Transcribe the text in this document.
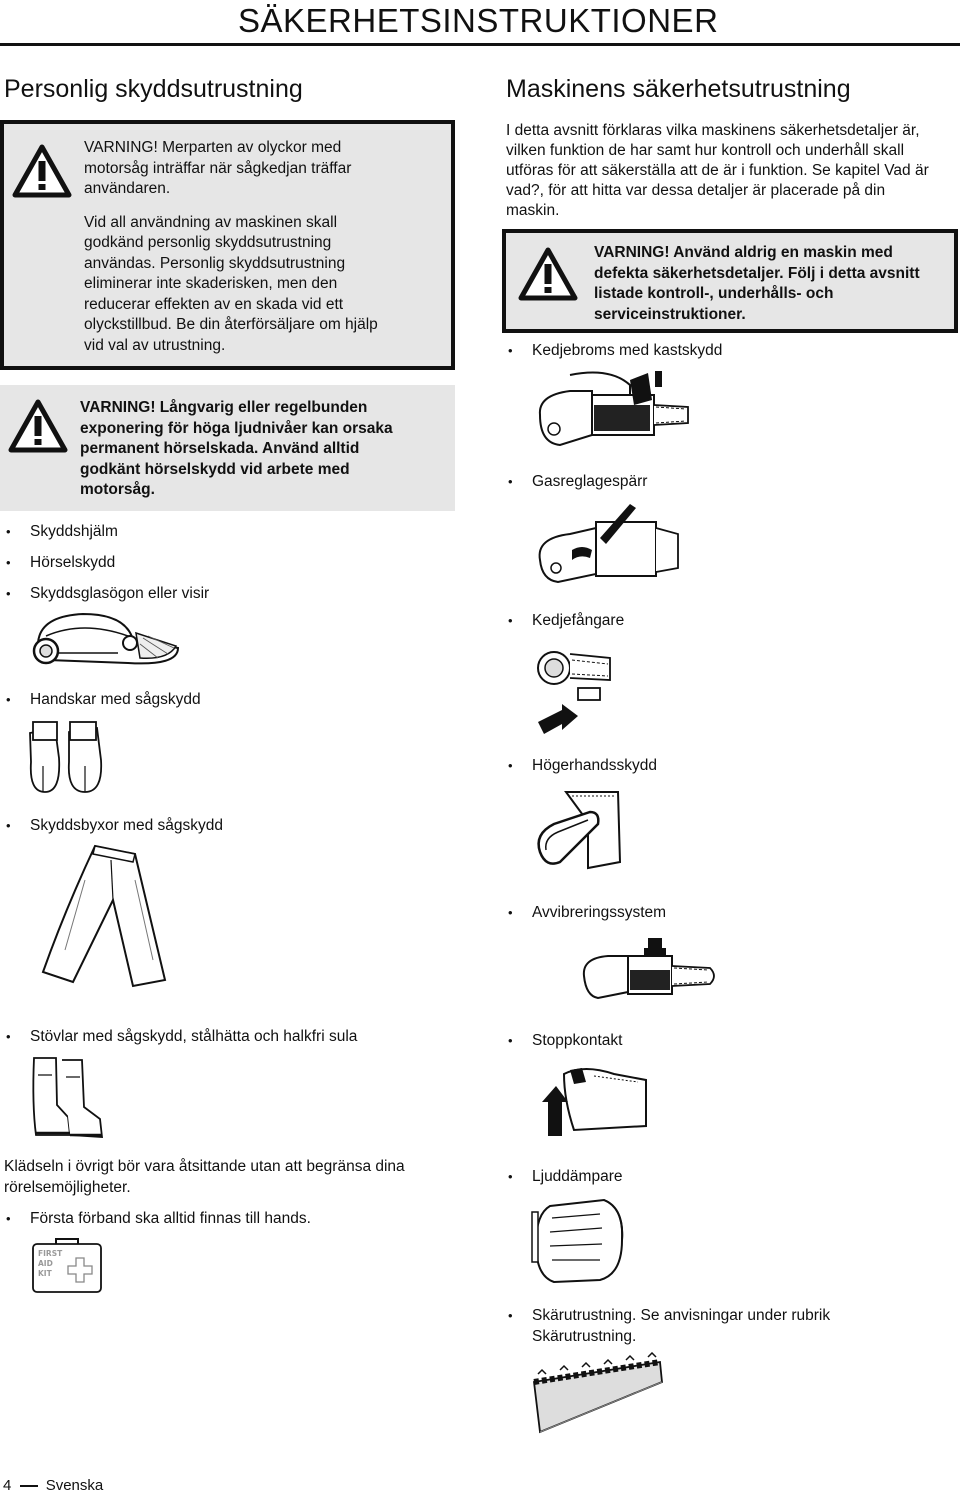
SÄKERHETSINSTRUKTIONER
Personlig skyddsutrustning

VARNING! Merparten av olyckor med

motorsåg inträffar när sågkedjan träffar

användaren.

Vid all användning av maskinen skall

godkänd personlig skyddsutrustning

användas. Personlig skyddsutrustning

eliminerar inte skaderisken, men den

reducerar effekten av en skada vid ett

olyckstillbud. Be din återförsäljare om hjälp

vid val av utrustning.

VARNING! Långvarig eller regelbunden

exponering för höga ljudnivåer kan orsaka

permanent hörselskada. Använd alltid

godkänt hörselskydd vid arbete med

motorsåg.

• Skyddshjälm
• Hörselskydd
• Skyddsglasögon eller visir
• Handskar med sågskydd
• Skyddsbyxor med sågskydd
• Stövlar med sågskydd, stålhätta och halkfri sula
Klädseln i övrigt bör vara åtsittande utan att begränsa dina
rörelsemöjligheter.
• Första förband ska alltid finnas till hands.
FIRST
AID
KIT
Maskinens säkerhetsutrustning
I detta avsnitt förklaras vilka maskinens säkerhetsdetaljer är,
vilken funktion de har samt hur kontroll och underhåll skall
utföras för att säkerställa att de är i funktion. Se kapitel Vad är
vad?, för att hitta var dessa detaljer är placerade på din
maskin.

VARNING! Använd aldrig en maskin med

defekta säkerhetsdetaljer. Följ i detta avsnitt

listade kontroll-, underhålls- och

serviceinstruktioner.

• Kedjebroms med kastskydd
• Gasreglagespärr
• Kedjefångare
• Högerhandsskydd
• Avvibreringssystem
• Stoppkontakt
• Ljuddämpare
• Skärutrustning. Se anvisningar under rubrik
Skärutrustning.
4 Svenska
